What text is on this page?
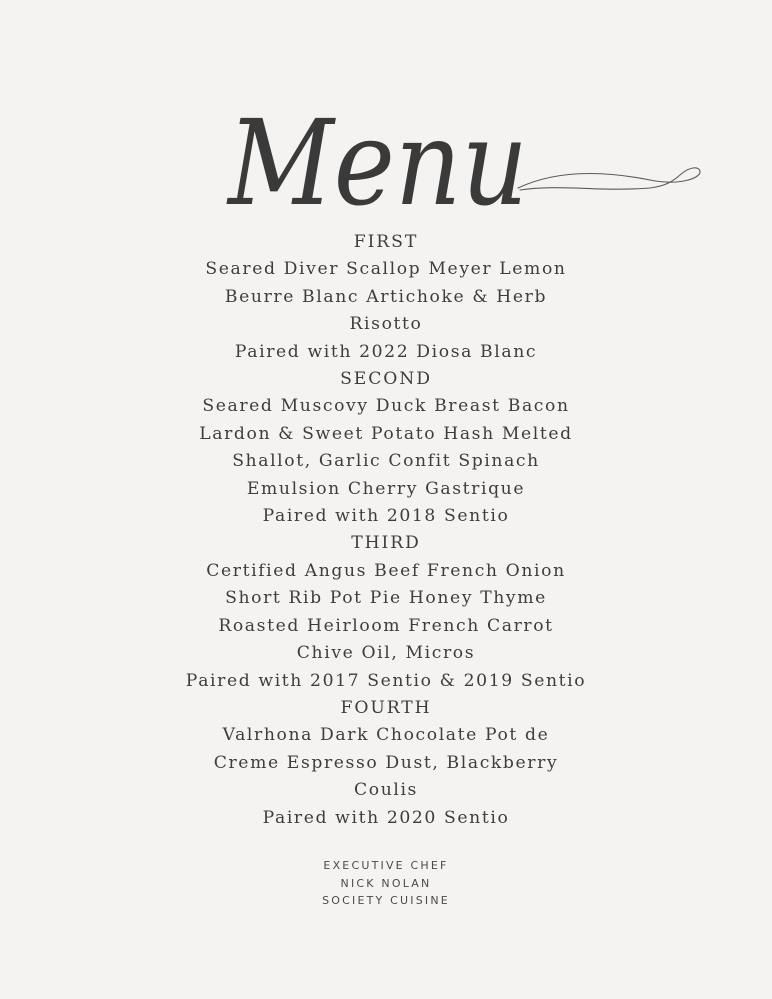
Menu
FIRST
Seared Diver Scallop Meyer Lemon
Beurre Blanc Artichoke & Herb
Risotto
Paired with 2022 Diosa Blanc
SECOND
Seared Muscovy Duck Breast Bacon
Lardon & Sweet Potato Hash Melted
Shallot, Garlic Confit Spinach
Emulsion Cherry Gastrique
Paired with 2018 Sentio
THIRD
Certified Angus Beef French Onion
Short Rib Pot Pie Honey Thyme
Roasted Heirloom French Carrot
Chive Oil, Micros
Paired with 2017 Sentio & 2019 Sentio
FOURTH
Valrhona Dark Chocolate Pot de
Creme Espresso Dust, Blackberry
Coulis
Paired with 2020 Sentio
EXECUTIVE CHEF
NICK NOLAN
SOCIETY CUISINE
